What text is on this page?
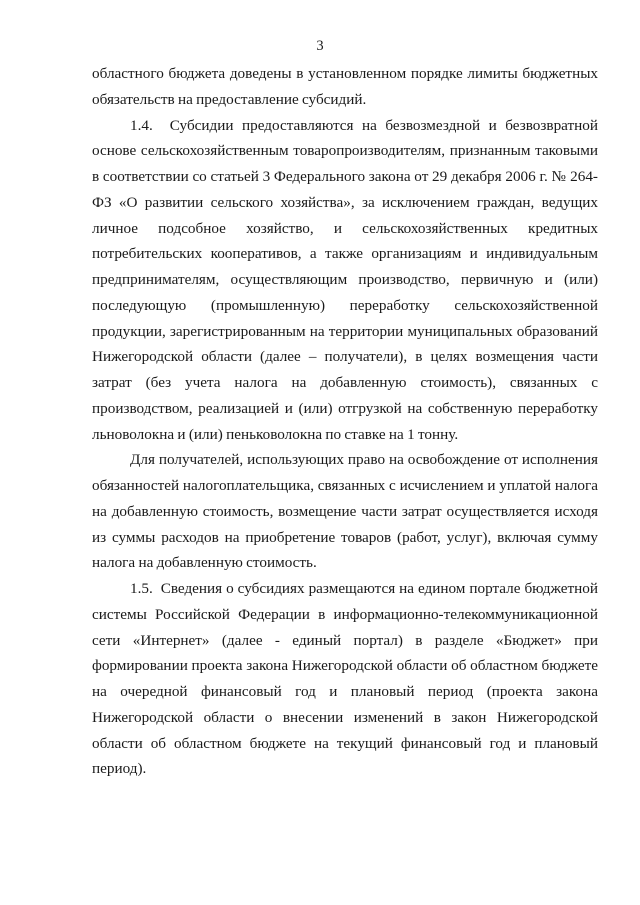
3

областного бюджета доведены в установленном порядке лимиты бюджетных обязательств на предоставление субсидий.

1.4.  Субсидии предоставляются на безвозмездной и безвозвратной основе сельскохозяйственным товаропроизводителям, признанным таковыми в соответствии со статьей 3 Федерального закона от 29 декабря 2006 г. № 264-ФЗ «О развитии сельского хозяйства», за исключением граждан, ведущих личное подсобное хозяйство, и сельскохозяйственных кредитных потребительских кооперативов, а также организациям и индивидуальным предпринимателям, осуществляющим производство, первичную и (или) последующую (промышленную) переработку сельскохозяйственной продукции, зарегистрированным на территории муниципальных образований Нижегородской области (далее – получатели), в целях возмещения части затрат (без учета налога на добавленную стоимость), связанных с производством, реализацией и (или) отгрузкой на собственную переработку льноволокна и (или) пеньковолокна по ставке на 1 тонну.

Для получателей, использующих право на освобождение от исполнения обязанностей налогоплательщика, связанных с исчислением и уплатой налога на добавленную стоимость, возмещение части затрат осуществляется исходя из суммы расходов на приобретение товаров (работ, услуг), включая сумму налога на добавленную стоимость.

1.5.  Сведения о субсидиях размещаются на едином портале бюджетной системы Российской Федерации в информационно-телекоммуникационной сети «Интернет» (далее - единый портал) в разделе «Бюджет» при формировании проекта закона Нижегородской области об областном бюджете на очередной финансовый год и плановый период (проекта закона Нижегородской области о внесении изменений в закон Нижегородской области об областном бюджете на текущий финансовый год и плановый период).
